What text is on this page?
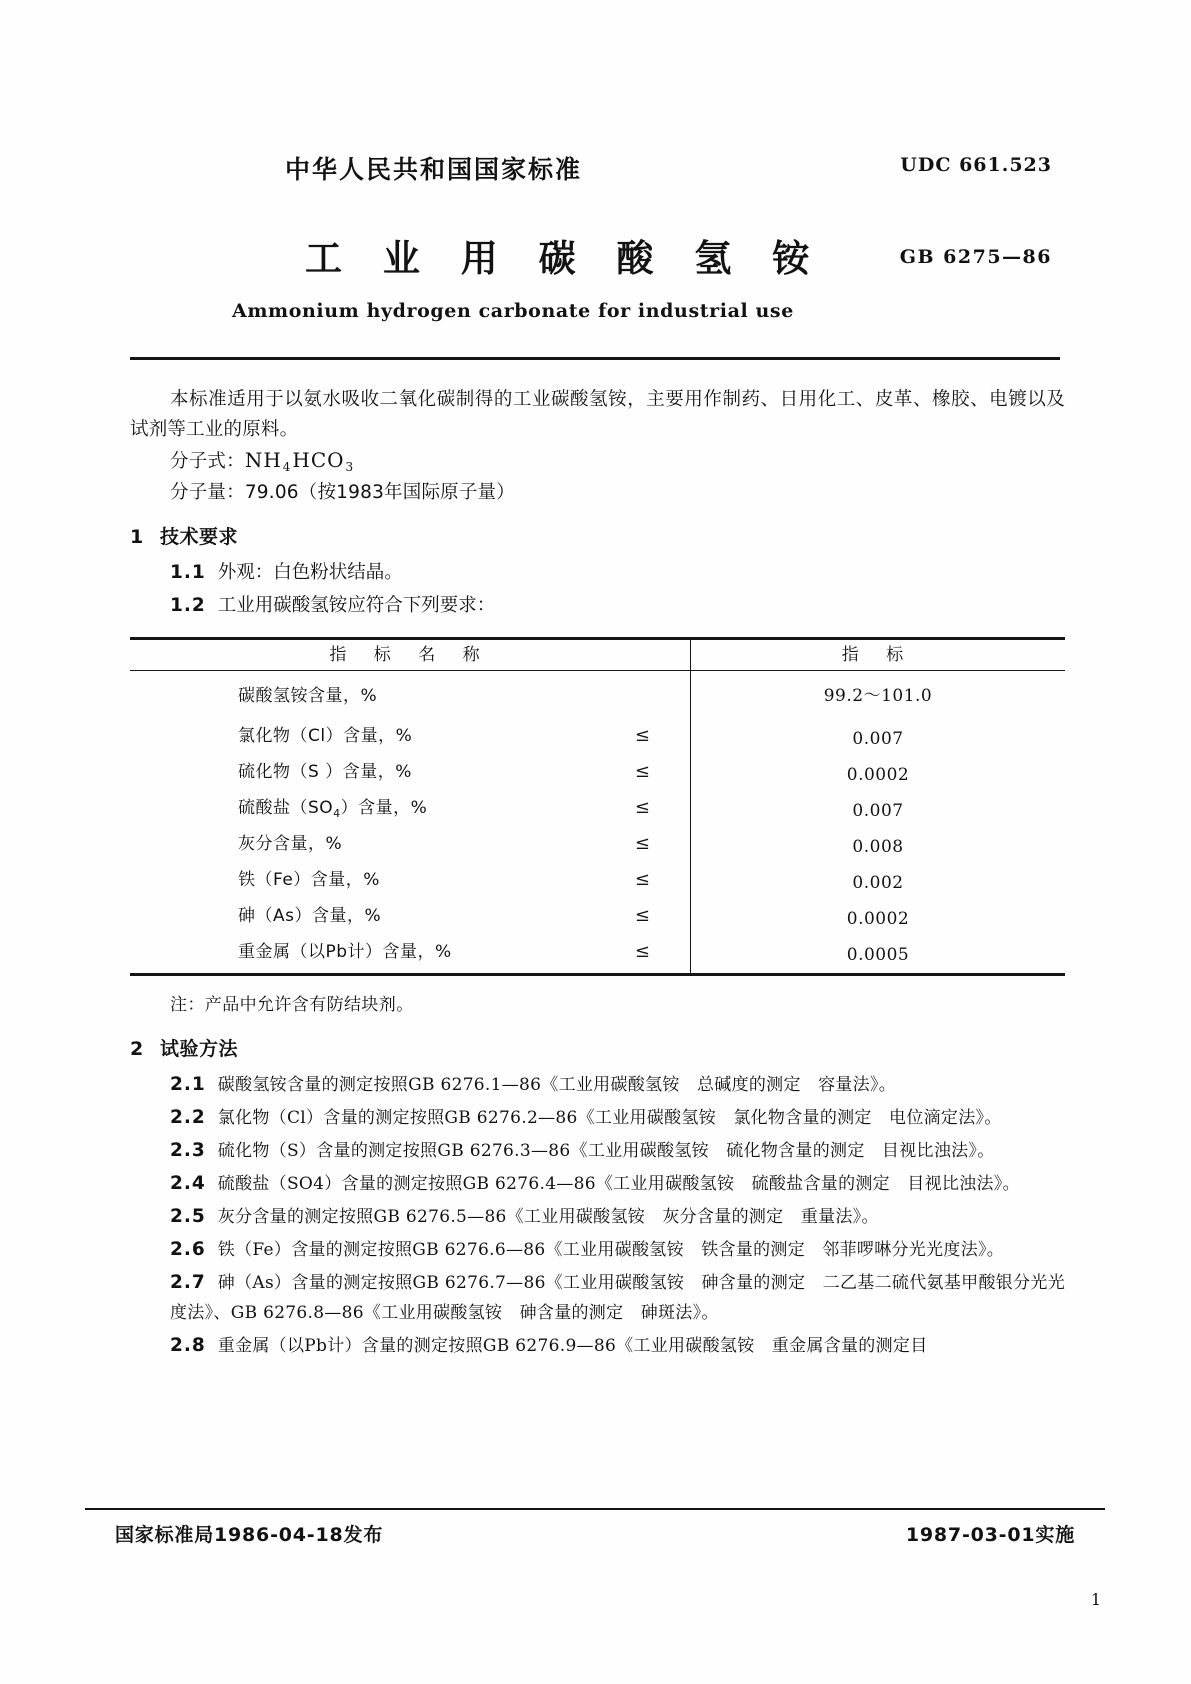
中华人民共和国国家标准	UDC 661.523
工 业 用 碳 酸 氢 铵	GB 6275—86
Ammonium hydrogen carbonate for industrial use

本标准适用于以氨水吸收二氧化碳制得的工业碳酸氢铵，主要用作制药、日用化工、皮革、橡胶、电镀以及试剂等工业的原料。

分子式：$NH_4HCO_3$

分子量：79.06（按1983年国际原子量）

1 技术要求
1.1 外观：白色粉状结晶。
1.2 工业用碳酸氢铵应符合下列要求：
指 标 名 称	指 标

碳酸氢铵含量，%	99.2～101.0

氯化物（Cl）含量，% ≤	0.007

硫化物（S ）含量，% ≤	0.0002

硫酸盐$(SO_4)$含量，% ≤	0.007

灰分含量，% ≤	0.008

铁（Fe）含量，% ≤	0.002

砷（As）含量，% ≤	0.0002

重金属（以Pb计）含量，% ≤	0.0005

注：产品中允许含有防结块剂。

2 试验方法
2.1 碳酸氢铵含量的测定按照GB 6276.1—86《工业用碳酸氢铵　总碱度的测定　容量法》。
2.2 氯化物（Cl）含量的测定按照GB 6276.2—86《工业用碳酸氢铵　氯化物含量的测定　电位滴定法》。
2.3 硫化物（S）含量的测定按照GB 6276.3—86《工业用碳酸氢铵　硫化物含量的测定　目视比浊法》。
2.4 硫酸盐（SO4）含量的测定按照GB 6276.4—86《工业用碳酸氢铵　硫酸盐含量的测定　目视比浊法》。
2.5 灰分含量的测定按照GB 6276.5—86《工业用碳酸氢铵　灰分含量的测定　重量法》。
2.6 铁（Fe）含量的测定按照GB 6276.6—86《工业用碳酸氢铵　铁含量的测定　邻菲啰啉分光光度法》。
2.7 砷（As）含量的测定按照GB 6276.7—86《工业用碳酸氢铵　砷含量的测定　二乙基二硫代氨基甲酸银分光光度法》、GB 6276.8—86《工业用碳酸氢铵　砷含量的测定　砷斑法》。
2.8 重金属（以Pb计）含量的测定按照GB 6276.9—86《工业用碳酸氢铵　重金属含量的测定目
国家标准局1986-04-18发布	1987-03-01实施
1
